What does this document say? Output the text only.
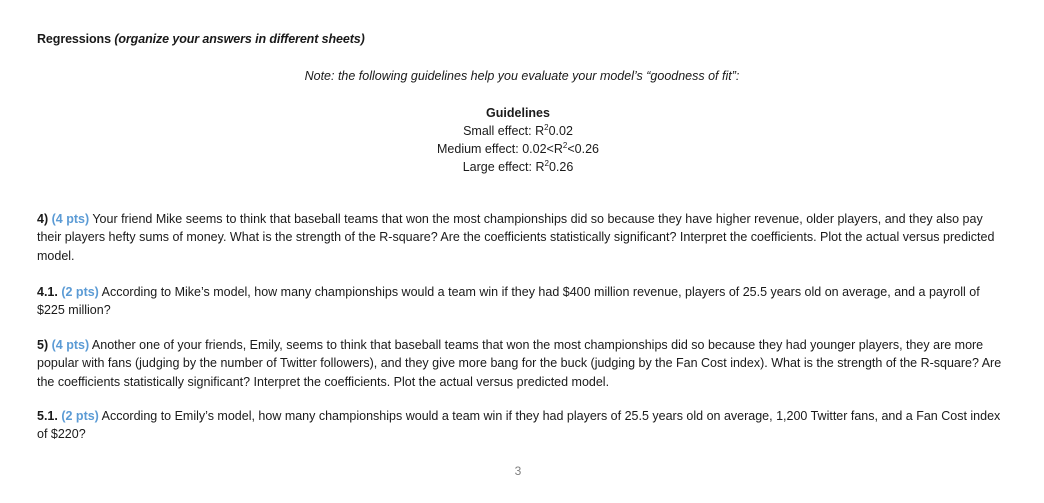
Regressions (organize your answers in different sheets)
Note: the following guidelines help you evaluate your model’s “goodness of fit”:
Guidelines
Small effect: $R^20.02$
Medium effect: $0.02<R^2<0.26$
Large effect: $R^20.26$
4) (4 pts) Your friend Mike seems to think that baseball teams that won the most championships did so because they have higher revenue, older players, and they also pay their players hefty sums of money. What is the strength of the R-square? Are the coefficients statistically significant? Interpret the coefficients. Plot the actual versus predicted model.
4.1. (2 pts) According to Mike’s model, how many championships would a team win if they had $400 million revenue, players of 25.5 years old on average, and a payroll of $225 million?
5) (4 pts) Another one of your friends, Emily, seems to think that baseball teams that won the most championships did so because they had younger players, they are more popular with fans (judging by the number of Twitter followers), and they give more bang for the buck (judging by the Fan Cost index). What is the strength of the R-square? Are the coefficients statistically significant? Interpret the coefficients. Plot the actual versus predicted model.
5.1. (2 pts) According to Emily’s model, how many championships would a team win if they had players of 25.5 years old on average, 1,200 Twitter fans, and a Fan Cost index of $220?
3
